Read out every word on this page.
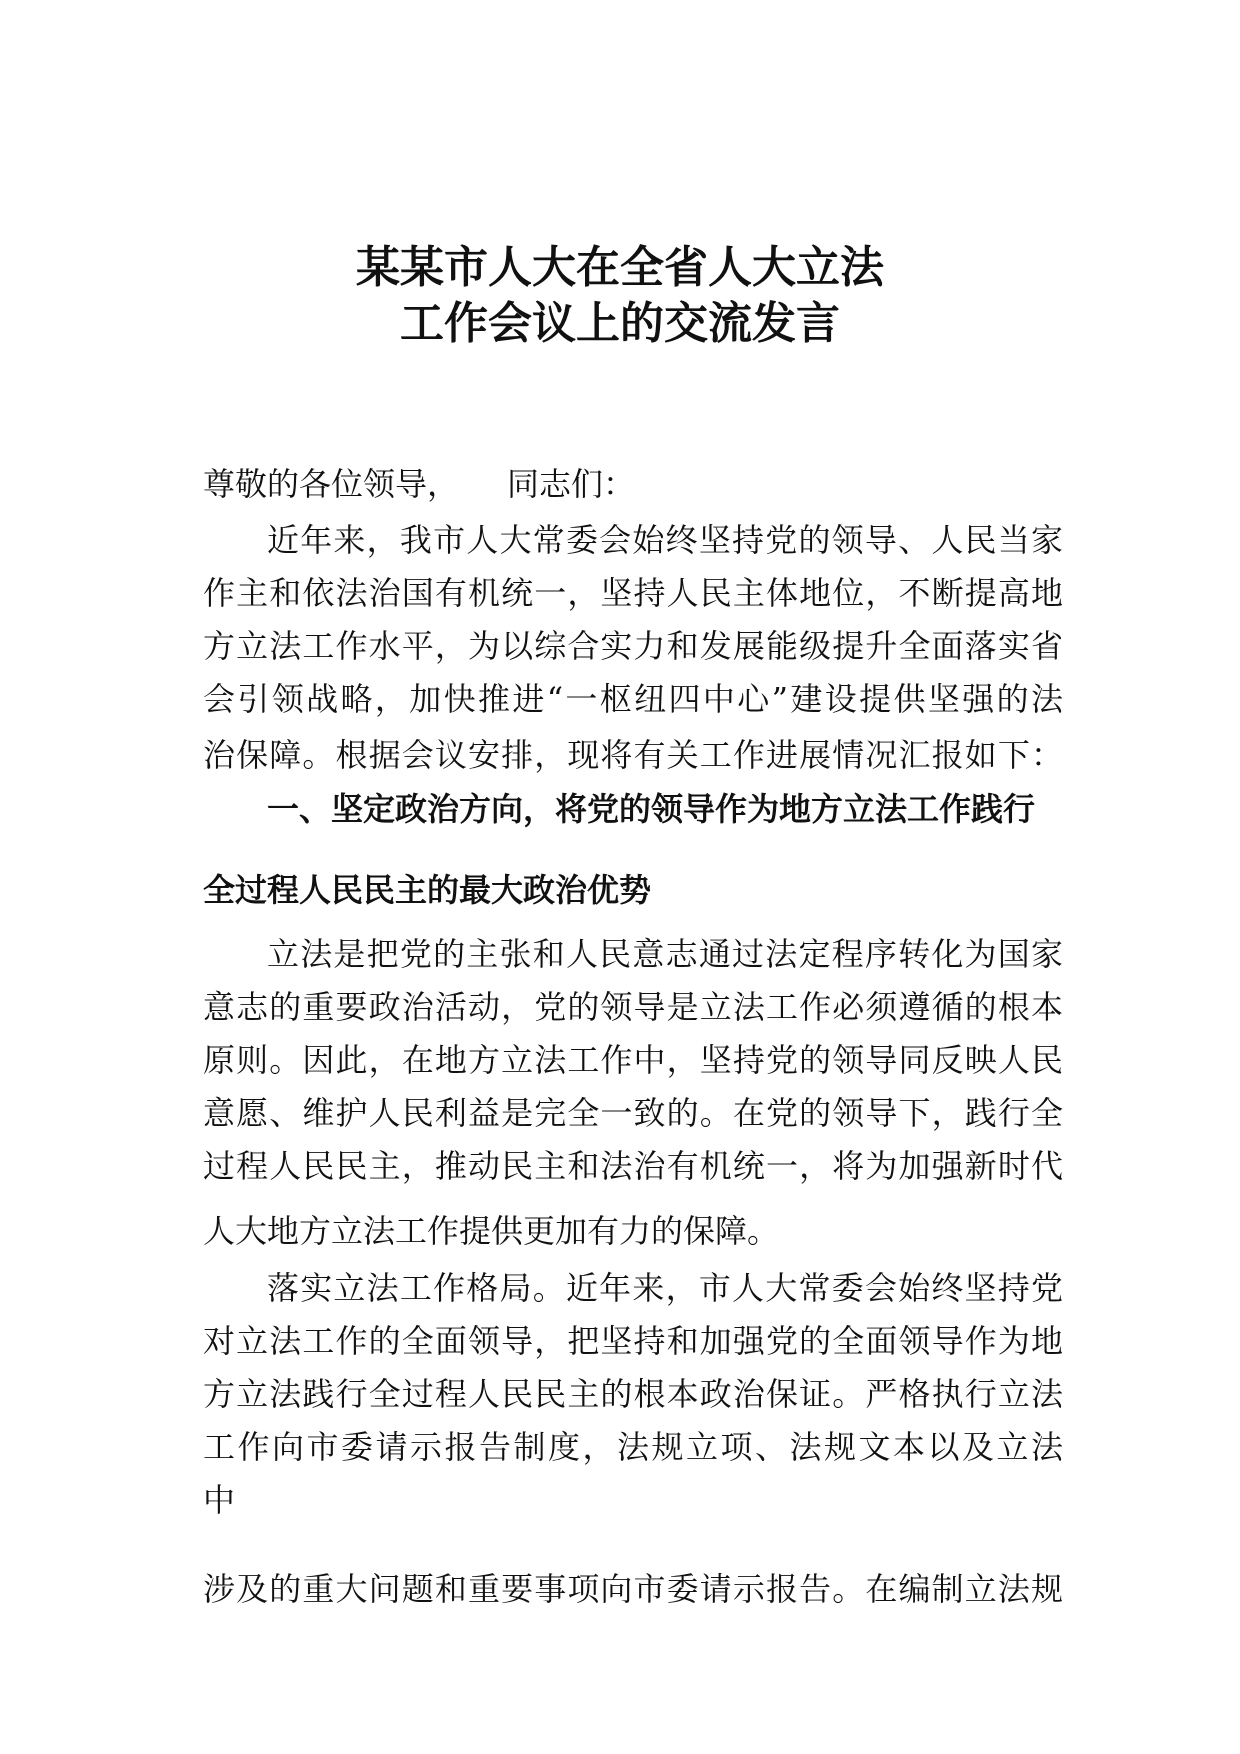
某某市人大在全省人大立法
工作会议上的交流发言

尊敬的各位领导， 同志们：

近年来，我市人大常委会始终坚持党的领导、人民当家

作主和依法治国有机统一，坚持人民主体地位，不断提高地

方立法工作水平，为以综合实力和发展能级提升全面落实省

会引领战略，加快推进“一枢纽四中心”建设提供坚强的法

治保障。根据会议安排，现将有关工作进展情况汇报如下：

一、坚定政治方向，将党的领导作为地方立法工作践行

全过程人民民主的最大政治优势

立法是把党的主张和人民意志通过法定程序转化为国家

意志的重要政治活动，党的领导是立法工作必须遵循的根本

原则。因此，在地方立法工作中，坚持党的领导同反映人民

意愿、维护人民利益是完全一致的。在党的领导下，践行全

过程人民民主，推动民主和法治有机统一，将为加强新时代

人大地方立法工作提供更加有力的保障。

落实立法工作格局。近年来，市人大常委会始终坚持党

对立法工作的全面领导，把坚持和加强党的全面领导作为地

方立法践行全过程人民民主的根本政治保证。严格执行立法

工作向市委请示报告制度，法规立项、法规文本以及立法

中

涉及的重大问题和重要事项向市委请示报告。在编制立法规
